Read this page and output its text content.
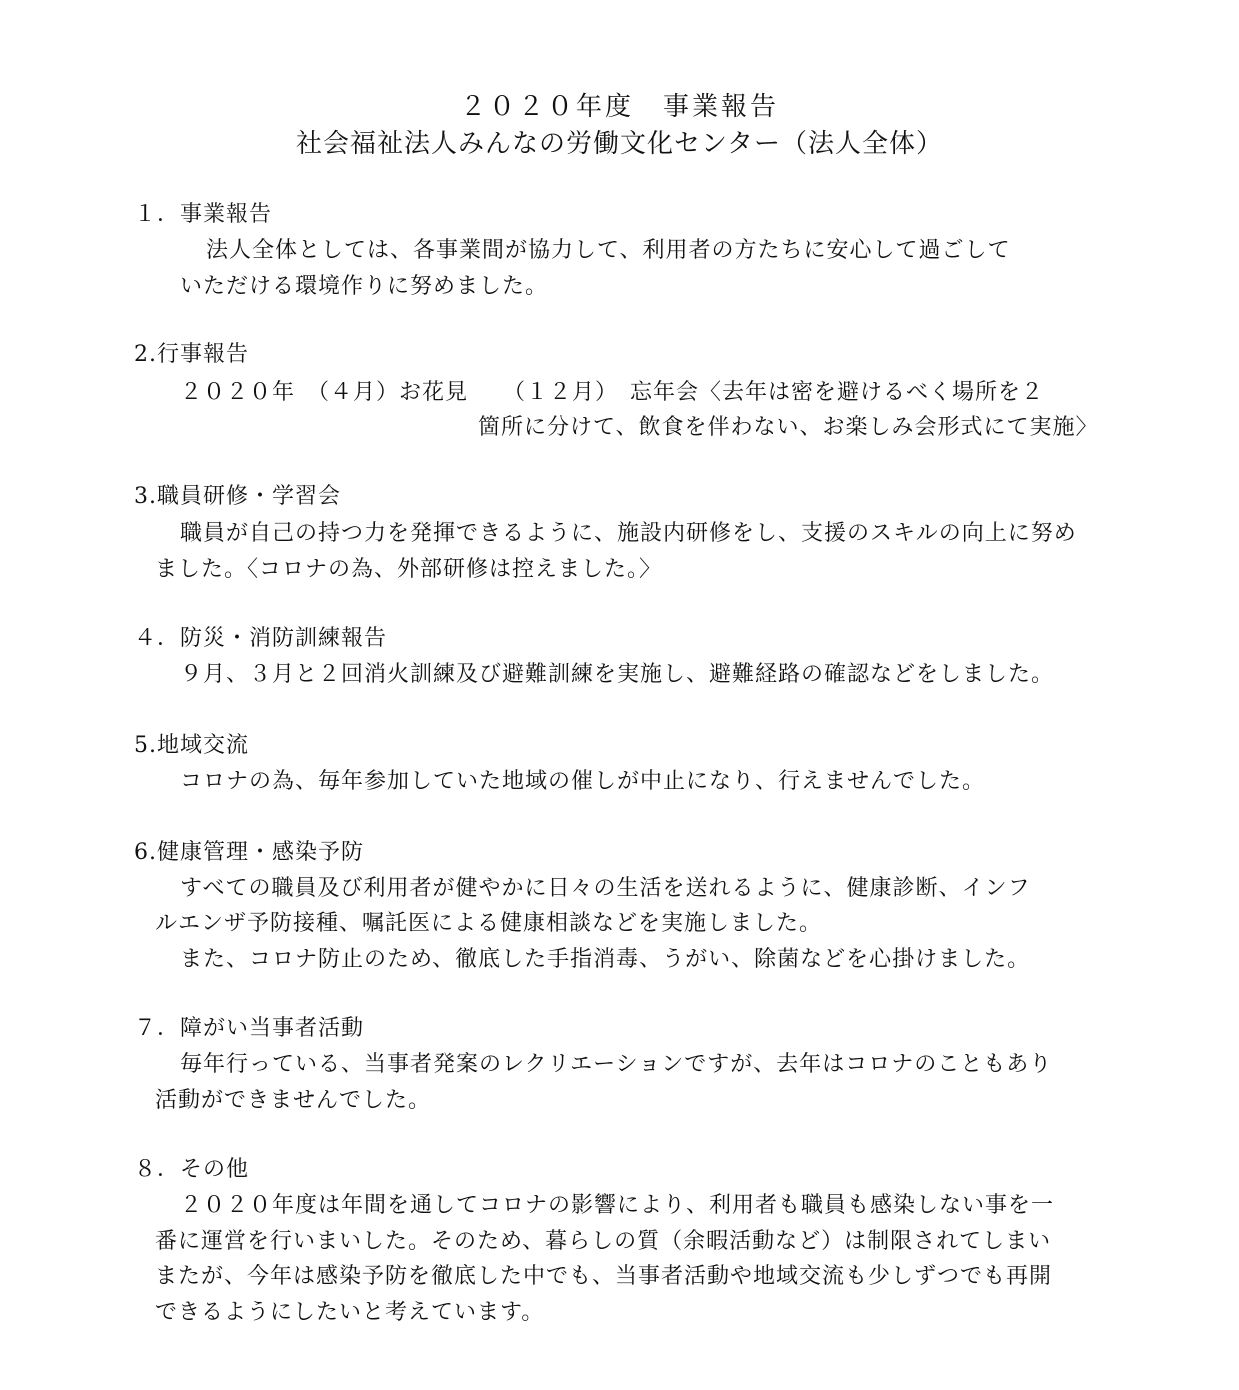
２０２０年度　事業報告
社会福祉法人みんなの労働文化センター（法人全体）
１．事業報告
法人全体としては、各事業間が協力して、利用者の方たちに安心して過ごして
いただける環境作りに努めました。
2.行事報告
２０２０年　（４月）お花見　　（１２月）　忘年会〈去年は密を避けるべく場所を２
箇所に分けて、飲食を伴わない、お楽しみ会形式にて実施〉
3.職員研修・学習会
職員が自己の持つ力を発揮できるように、施設内研修をし、支援のスキルの向上に努め
ました。〈コロナの為、外部研修は控えました。〉
４．防災・消防訓練報告
９月、３月と２回消火訓練及び避難訓練を実施し、避難経路の確認などをしました。
5.地域交流
コロナの為、毎年参加していた地域の催しが中止になり、行えませんでした。
6.健康管理・感染予防
すべての職員及び利用者が健やかに日々の生活を送れるように、健康診断、インフ
ルエンザ予防接種、嘱託医による健康相談などを実施しました。
また、コロナ防止のため、徹底した手指消毒、うがい、除菌などを心掛けました。
７．障がい当事者活動
毎年行っている、当事者発案のレクリエーションですが、去年はコロナのこともあり
活動ができませんでした。
８．その他
２０２０年度は年間を通してコロナの影響により、利用者も職員も感染しない事を一
番に運営を行いまいした。そのため、暮らしの質（余暇活動など）は制限されてしまい
またが、今年は感染予防を徹底した中でも、当事者活動や地域交流も少しずつでも再開
できるようにしたいと考えています。
